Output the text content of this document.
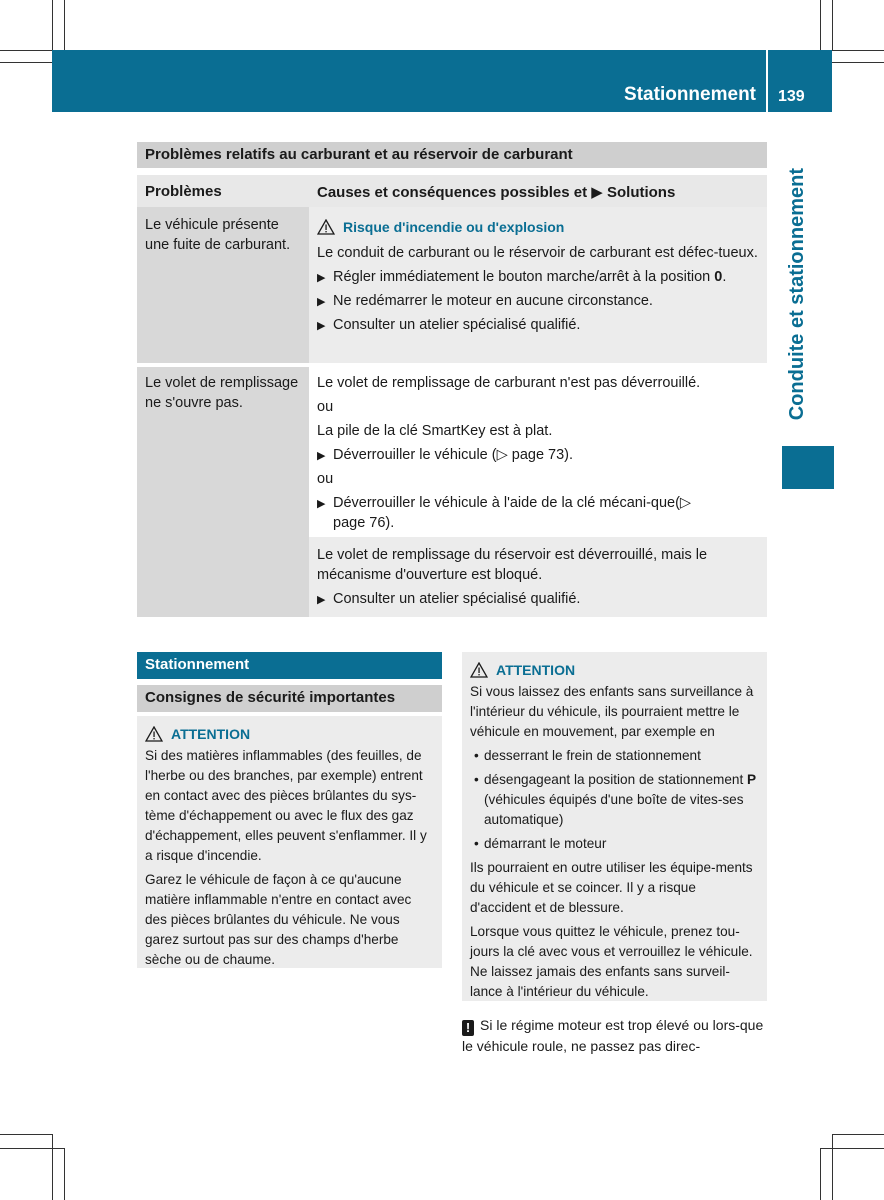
Stationnement 139
Conduite et stationnement
Problèmes relatifs au carburant et au réservoir de carburant
Problèmes	Causes et conséquences possibles et ▶ Solutions
Le véhicule présente une fuite de carburant.
Risque d'incendie ou d'explosion

Le conduit de carburant ou le réservoir de carburant est défec-tueux.

▶ Régler immédiatement le bouton marche/arrêt à la position 0.

▶ Ne redémarrer le moteur en aucune circonstance.

▶ Consulter un atelier spécialisé qualifié.

Le volet de remplissage ne s'ouvre pas.

Le volet de remplissage de carburant n'est pas déverrouillé.

ou

La pile de la clé SmartKey est à plat.

▶ Déverrouiller le véhicule (▷ page 73).

ou

▶ Déverrouiller le véhicule à l'aide de la clé mécani-que(▷ page 76).

Le volet de remplissage du réservoir est déverrouillé, mais le mécanisme d'ouverture est bloqué.

▶ Consulter un atelier spécialisé qualifié.

Stationnement
Consignes de sécurité importantes
ATTENTION
Si des matières inflammables (des feuilles, de l'herbe ou des branches, par exemple) entrent en contact avec des pièces brûlantes du sys-tème d'échappement ou avec le flux des gaz d'échappement, elles peuvent s'enflammer. Il y a risque d'incendie.
Garez le véhicule de façon à ce qu'aucune matière inflammable n'entre en contact avec des pièces brûlantes du véhicule. Ne vous garez surtout pas sur des champs d'herbe sèche ou de chaume.
ATTENTION
Si vous laissez des enfants sans surveillance à l'intérieur du véhicule, ils pourraient mettre le véhicule en mouvement, par exemple en
• desserrant le frein de stationnement
• désengageant la position de stationnement P (véhicules équipés d'une boîte de vites-ses automatique)
• démarrant le moteur
Ils pourraient en outre utiliser les équipe-ments du véhicule et se coincer. Il y a risque d'accident et de blessure.
Lorsque vous quittez le véhicule, prenez tou-jours la clé avec vous et verrouillez le véhicule. Ne laissez jamais des enfants sans surveil-lance à l'intérieur du véhicule.
! Si le régime moteur est trop élevé ou lors-que le véhicule roule, ne passez pas direc-
